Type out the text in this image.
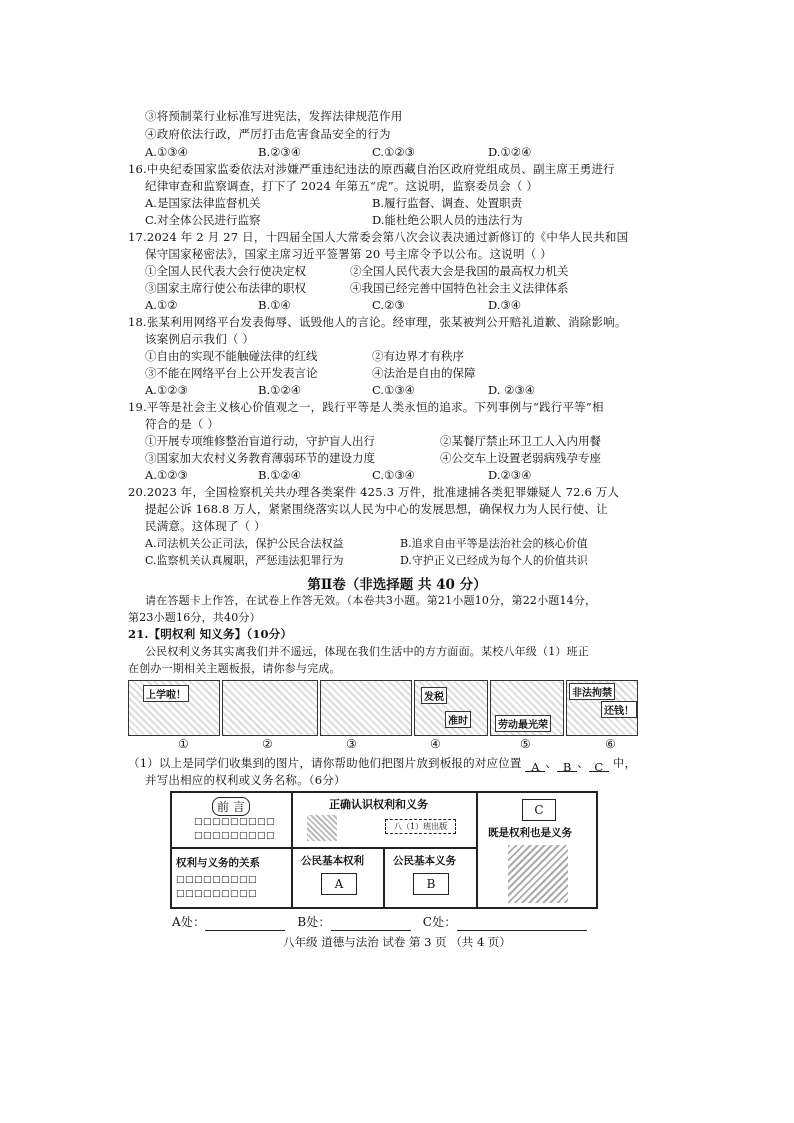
③将预制菜行业标准写进宪法，发挥法律规范作用
④政府依法行政，严厉打击危害食品安全的行为
A.①③④	B.②③④	C.①②③	D.①②④
16.中央纪委国家监委依法对涉嫌严重违纪违法的原西藏自治区政府党组成员、副主席王勇进行
纪律审查和监察调查，打下了 2024 年第五“虎”。这说明，监察委员会（ ）
A.是国家法律监督机关	B.履行监督、调查、处置职责
C.对全体公民进行监察	D.能杜绝公职人员的违法行为
17.2024 年 2 月 27 日，十四届全国人大常委会第八次会议表决通过新修订的《中华人民共和国
保守国家秘密法》，国家主席习近平签署第 20 号主席令予以公布。这说明（ ）
①全国人民代表大会行使决定权	②全国人民代表大会是我国的最高权力机关
③国家主席行使公布法律的职权	④我国已经完善中国特色社会主义法律体系
A.①②	B.①④	C.②③	D.③④
18.张某利用网络平台发表侮辱、诋毁他人的言论。经审理，张某被判公开赔礼道歉、消除影响。
该案例启示我们（ ）
①自由的实现不能触碰法律的红线	②有边界才有秩序
③不能在网络平台上公开发表言论	④法治是自由的保障
A.①②③	B.①②④	C.①③④	D. ②③④
19.平等是社会主义核心价值观之一，践行平等是人类永恒的追求。下列事例与“践行平等”相
符合的是（ ）
①开展专项维修整治盲道行动，守护盲人出行	②某餐厅禁止环卫工人入内用餐
③国家加大农村义务教育薄弱环节的建设力度	④公交车上设置老弱病残孕专座
A.①②③	B.①②④	C.①③④	D.②③④
20.2023 年，全国检察机关共办理各类案件 425.3 万件，批准逮捕各类犯罪嫌疑人 72.6 万人
提起公诉 168.8 万人，紧紧围绕落实以人民为中心的发展思想，确保权力为人民行使、让
民满意。这体现了（ ）
A.司法机关公正司法，保护公民合法权益	B.追求自由平等是法治社会的核心价值
C.监察机关认真履职，严惩违法犯罪行为	D.守护正义已经成为每个人的价值共识
第Ⅱ卷（非选择题 共 40 分）
请在答题卡上作答，在试卷上作答无效。（本卷共3小题。第21小题10分，第22小题14分，
第23小题16分，共40分）
21.【明权利 知义务】（10分）
公民权利义务其实离我们并不遥远，体现在我们生活中的方方面面。某校八年级（1）班正
在创办一期相关主题板报，请你参与完成。
上学啦！	发税
准时	劳动最光荣
非法拘禁
还钱！
①	②	③	④	⑤	⑥
（1）以上是同学们收集到的图片，请你帮助他们把图片放到板报的对应位置 A 、 B 、 C 中，
并写出相应的权利或义务名称。（6分）
前 言
□□□□□□□□□
□□□□□□□□□
正确认识权利和义务
八（1）班出版
C
既是权利也是义务
权利与义务的关系
□□□□□□□□□
□□□□□□□□□
公民基本权利
A
公民基本义务
B
A处：	B处：	C处：
八年级 道德与法治 试卷 第 3 页 （共 4 页）
